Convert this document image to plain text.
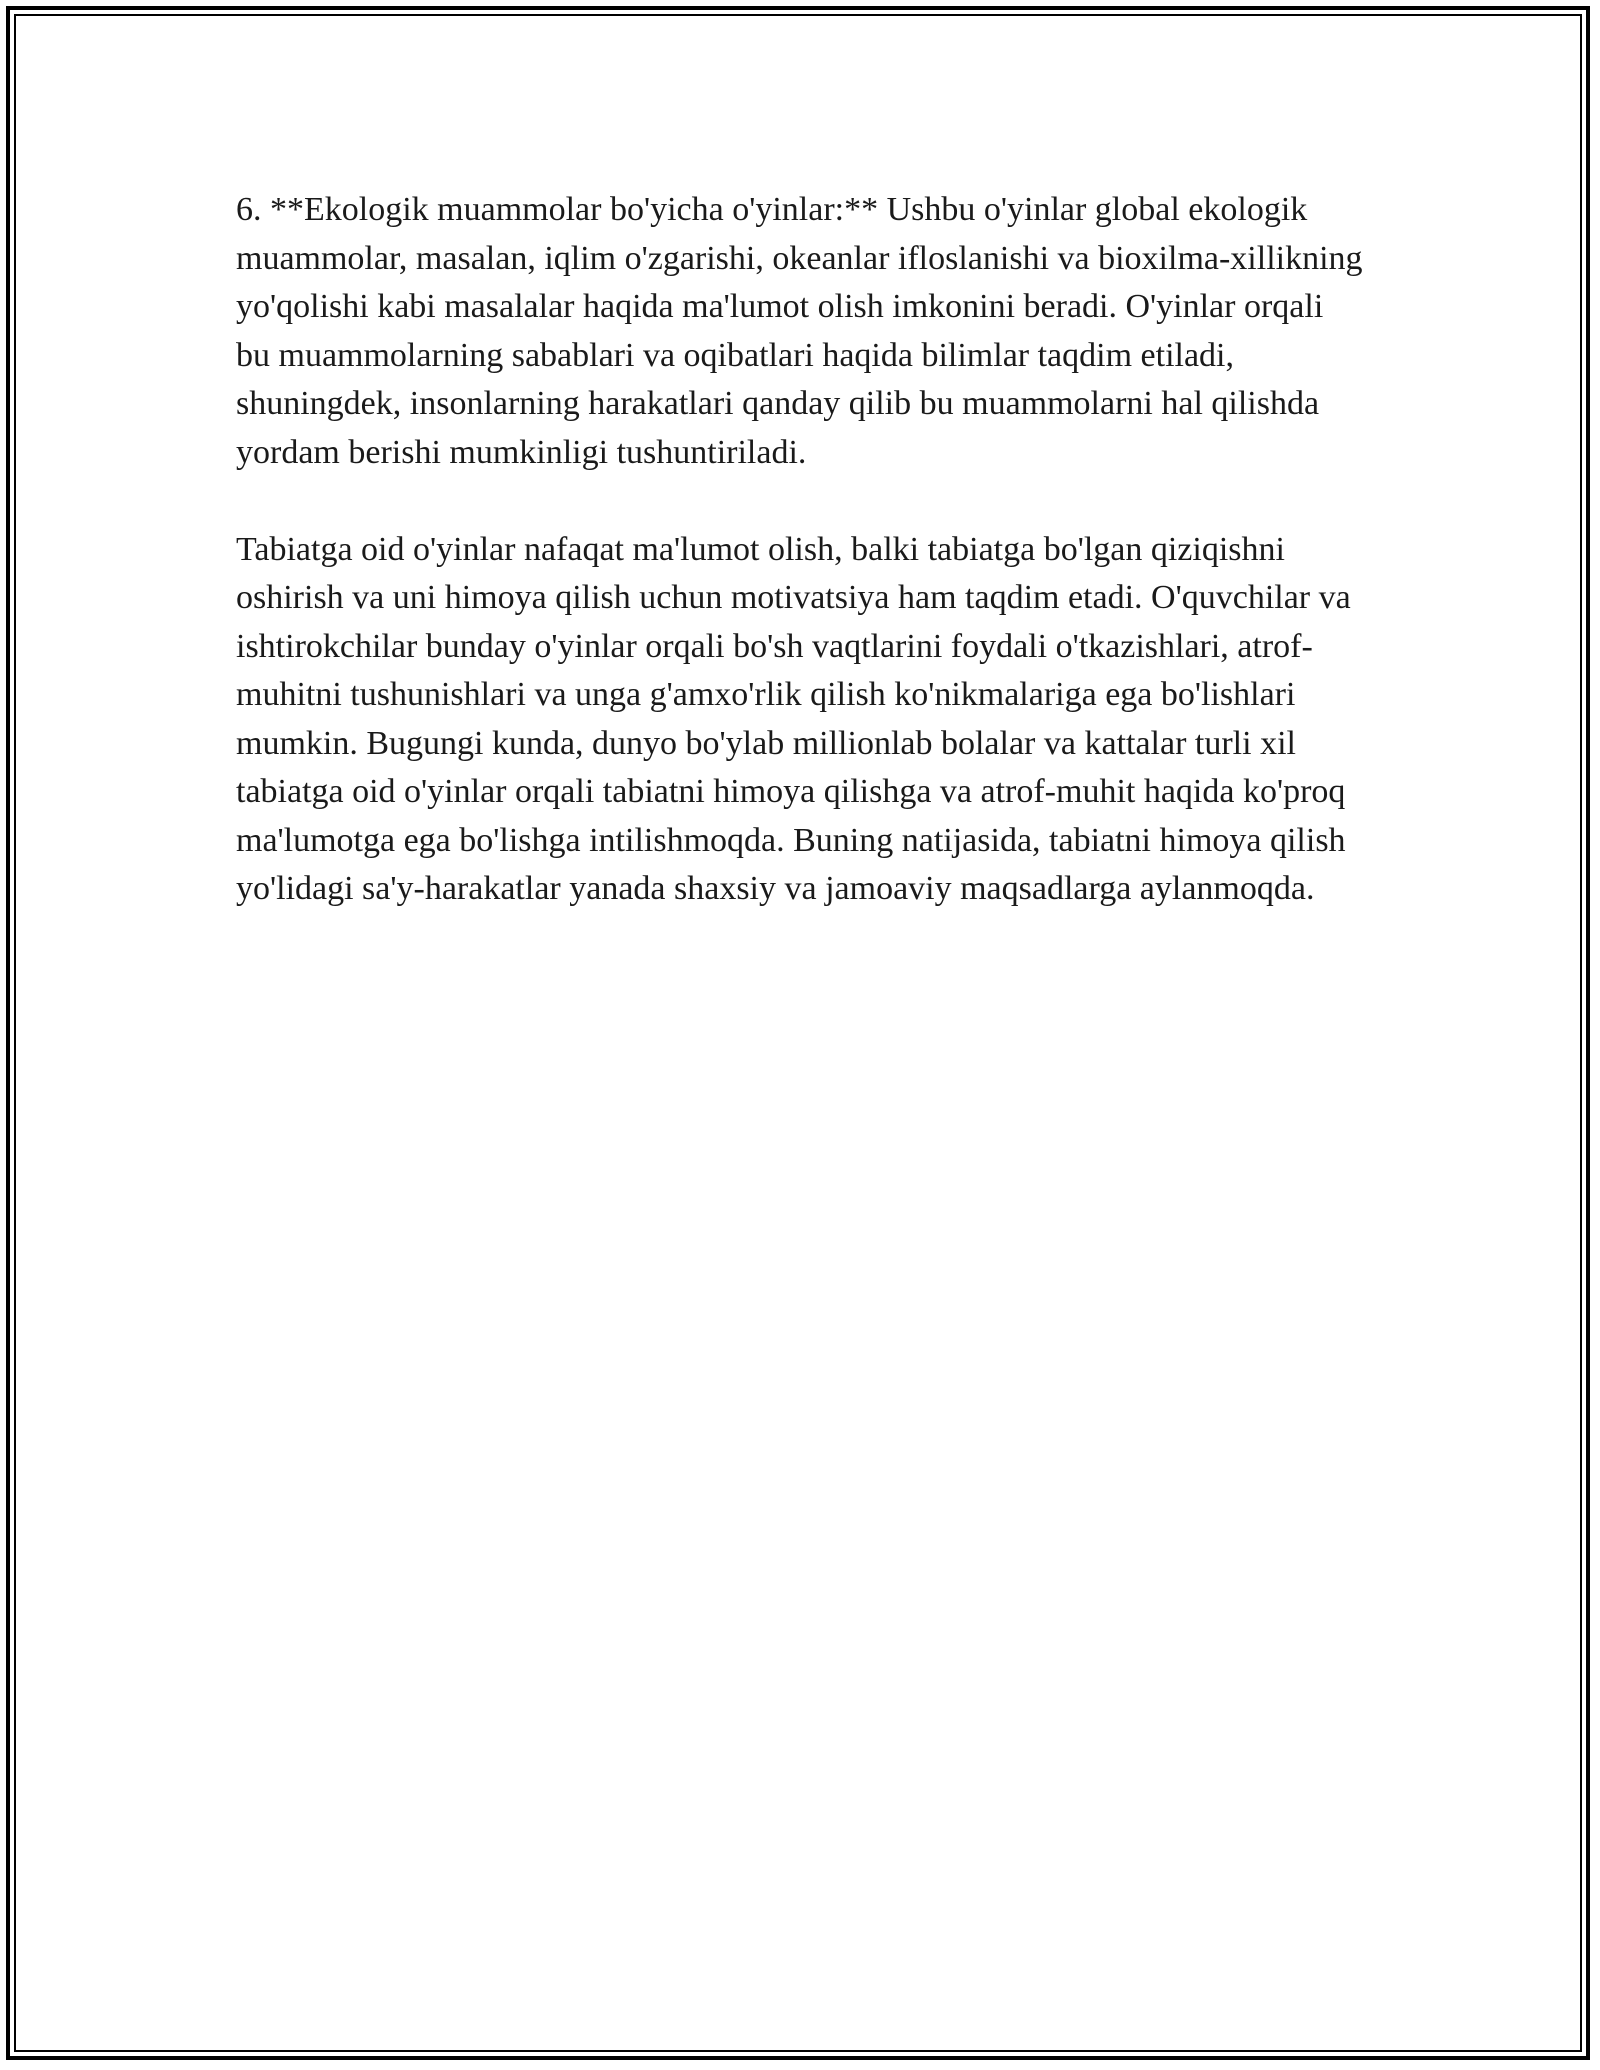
6. **Ekologik muammolar bo'yicha o'yinlar:** Ushbu o'yinlar global ekologik muammolar, masalan, iqlim o'zgarishi, okeanlar ifloslanishi va bioxilma-xillikning yo'qolishi kabi masalalar haqida ma'lumot olish imkonini beradi. O'yinlar orqali bu muammolarning sabablari va oqibatlari haqida bilimlar taqdim etiladi, shuningdek, insonlarning harakatlari qanday qilib bu muammolarni hal qilishda yordam berishi mumkinligi tushuntiriladi.

Tabiatga oid o'yinlar nafaqat ma'lumot olish, balki tabiatga bo'lgan qiziqishni oshirish va uni himoya qilish uchun motivatsiya ham taqdim etadi. O'quvchilar va ishtirokchilar bunday o'yinlar orqali bo'sh vaqtlarini foydali o'tkazishlari, atrof-muhitni tushunishlari va unga g'amxo'rlik qilish ko'nikmalariga ega bo'lishlari mumkin. Bugungi kunda, dunyo bo'ylab millionlab bolalar va kattalar turli xil tabiatga oid o'yinlar orqali tabiatni himoya qilishga va atrof-muhit haqida ko'proq ma'lumotga ega bo'lishga intilishmoqda. Buning natijasida, tabiatni himoya qilish yo'lidagi sa'y-harakatlar yanada shaxsiy va jamoaviy maqsadlarga aylanmoqda.
